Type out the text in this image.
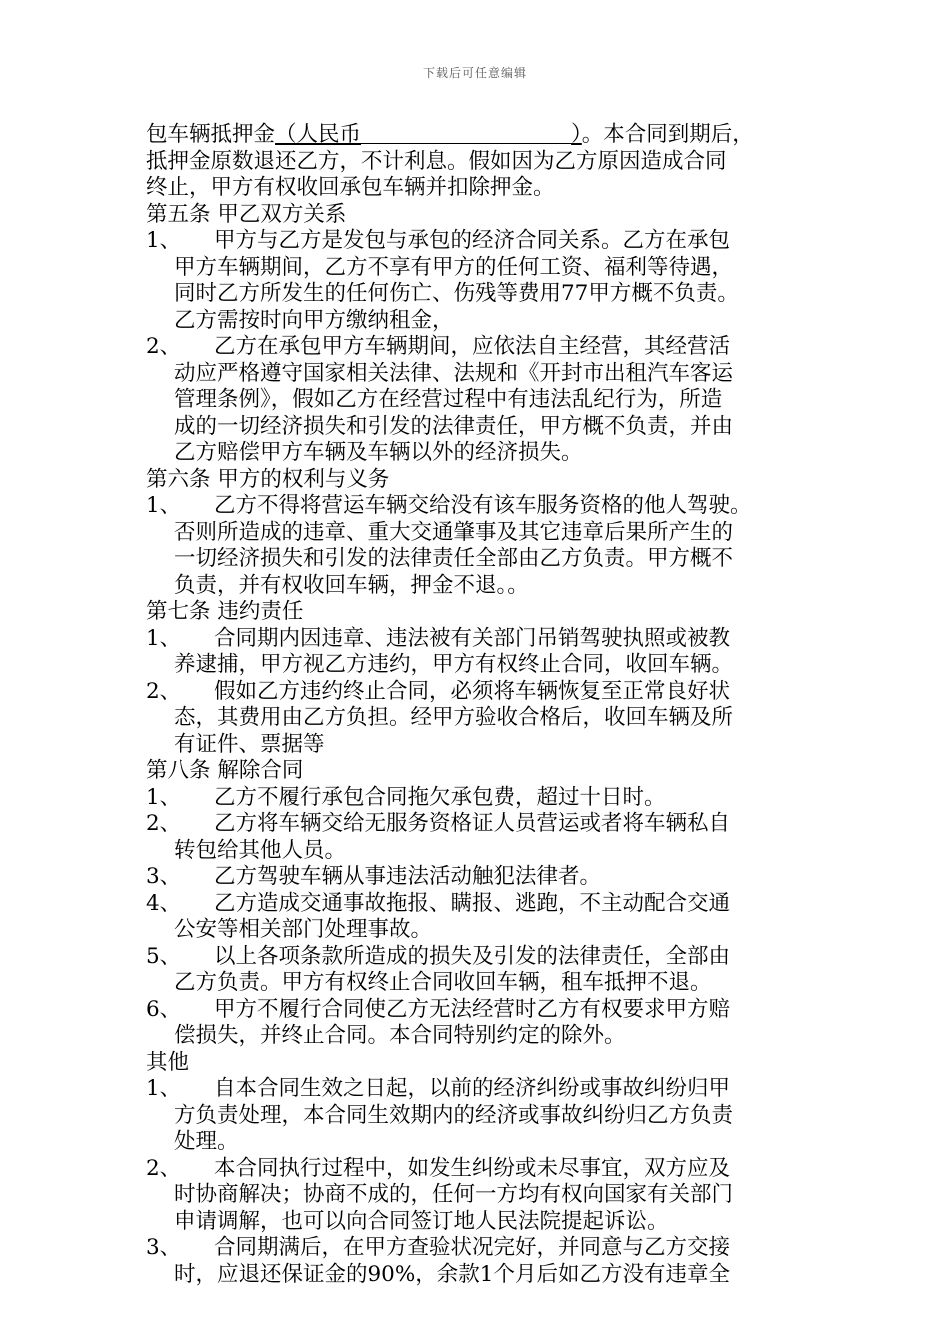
下载后可任意编辑
包车辆抵押金（人民币	）。本合同到期后，
抵押金原数退还乙方，不计利息。假如因为乙方原因造成合同
终止，甲方有权收回承包车辆并扣除押金。
第五条 甲乙双方关系
1、	甲方与乙方是发包与承包的经济合同关系。乙方在承包
甲方车辆期间，乙方不享有甲方的任何工资、福利等待遇，
同时乙方所发生的任何伤亡、伤残等费用77甲方概不负责。
乙方需按时向甲方缴纳租金，
2、	乙方在承包甲方车辆期间，应依法自主经营，其经营活
动应严格遵守国家相关法律、法规和《开封市出租汽车客运
管理条例》，假如乙方在经营过程中有违法乱纪行为，所造
成的一切经济损失和引发的法律责任，甲方概不负责，并由
乙方赔偿甲方车辆及车辆以外的经济损失。
第六条 甲方的权利与义务
1、	乙方不得将营运车辆交给没有该车服务资格的他人驾驶。
否则所造成的违章、重大交通肇事及其它违章后果所产生的
一切经济损失和引发的法律责任全部由乙方负责。甲方概不
负责，并有权收回车辆，押金不退。。
第七条 违约责任
1、	合同期内因违章、违法被有关部门吊销驾驶执照或被教
养逮捕，甲方视乙方违约，甲方有权终止合同，收回车辆。
2、	假如乙方违约终止合同，必须将车辆恢复至正常良好状
态，其费用由乙方负担。经甲方验收合格后，收回车辆及所
有证件、票据等
第八条 解除合同
1、	乙方不履行承包合同拖欠承包费，超过十日时。
2、	乙方将车辆交给无服务资格证人员营运或者将车辆私自
转包给其他人员。
3、	乙方驾驶车辆从事违法活动触犯法律者。
4、	乙方造成交通事故拖报、瞒报、逃跑，不主动配合交通
公安等相关部门处理事故。
5、	以上各项条款所造成的损失及引发的法律责任，全部由
乙方负责。甲方有权终止合同收回车辆，租车抵押不退。
6、	甲方不履行合同使乙方无法经营时乙方有权要求甲方赔
偿损失，并终止合同。本合同特别约定的除外。
其他
1、	自本合同生效之日起，以前的经济纠纷或事故纠纷归甲
方负责处理，本合同生效期内的经济或事故纠纷归乙方负责
处理。
2、	本合同执行过程中，如发生纠纷或未尽事宜，双方应及
时协商解决；协商不成的，任何一方均有权向国家有关部门
申请调解，也可以向合同签订地人民法院提起诉讼。
3、	合同期满后，在甲方查验状况完好，并同意与乙方交接
时，应退还保证金的90%，余款1个月后如乙方没有违章全
